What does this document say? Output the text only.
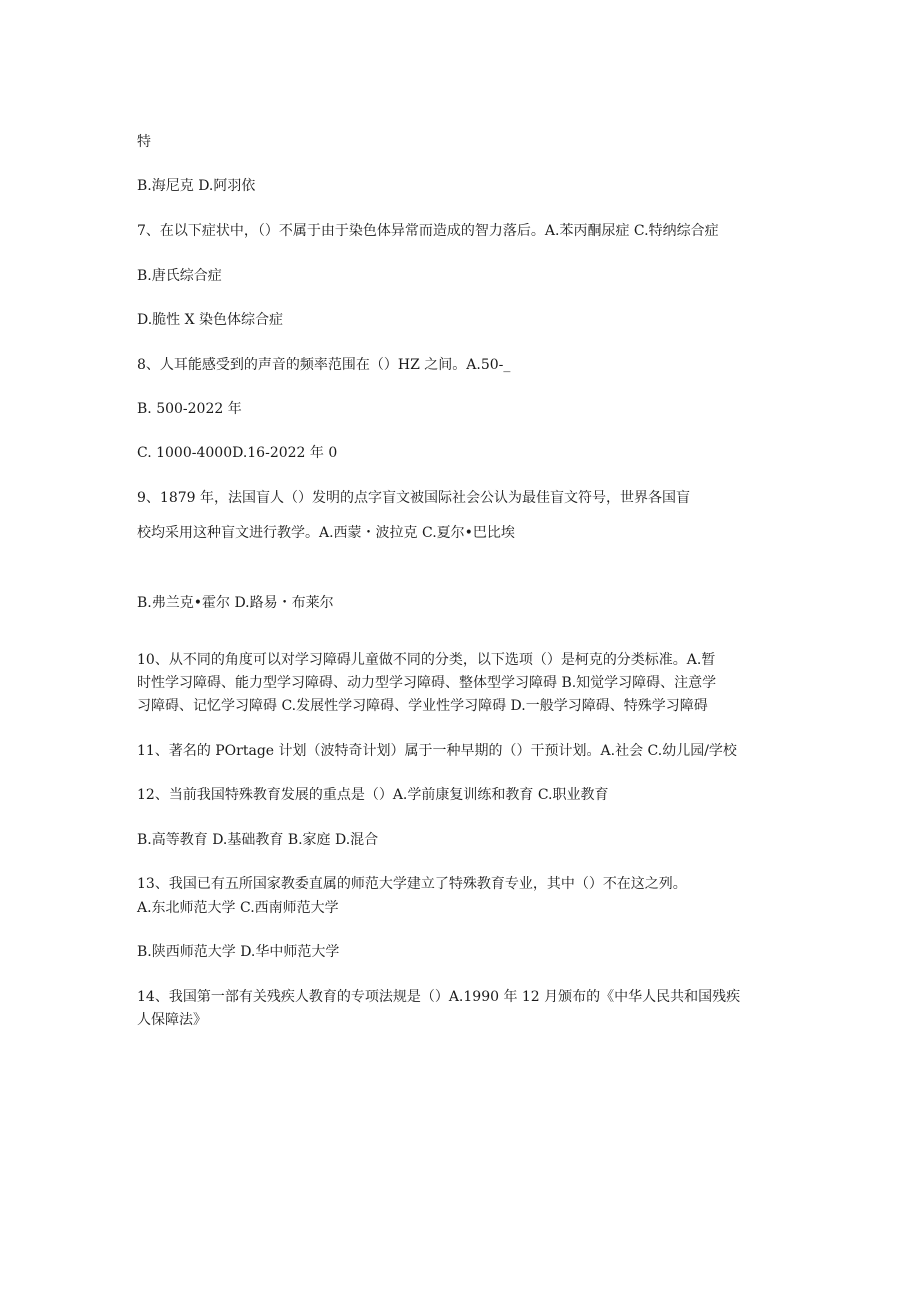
特
B.海尼克 D.阿羽依
7、在以下症状中，（）不属于由于染色体异常而造成的智力落后。A.苯丙酮尿症 C.特纳综合症
B.唐氏综合症
D.脆性 X 染色体综合症
8、人耳能感受到的声音的频率范围在（）HZ 之间。A.50-_
B. 500-2022 年
C. 1000-4000D.16-2022 年 0
9、1879 年，法国盲人（）发明的点字盲文被国际社会公认为最佳盲文符号，世界各国盲
校均采用这种盲文进行教学。A.西蒙・波拉克 C.夏尔•巴比埃
B.弗兰克•霍尔 D.路易・布莱尔
10、从不同的角度可以对学习障碍儿童做不同的分类，以下选项（）是柯克的分类标准。A.暂
时性学习障碍、能力型学习障碍、动力型学习障碍、整体型学习障碍 B.知觉学习障碍、注意学
习障碍、记忆学习障碍 C.发展性学习障碍、学业性学习障碍 D.一般学习障碍、特殊学习障碍
11、著名的 POrtage 计划（波特奇计划）属于一种早期的（）干预计划。A.社会 C.幼儿园/学校
12、当前我国特殊教育发展的重点是（）A.学前康复训练和教育 C.职业教育
B.高等教育 D.基础教育 B.家庭 D.混合
13、我国已有五所国家教委直属的师范大学建立了特殊教育专业，其中（）不在这之列。
A.东北师范大学 C.西南师范大学
B.陕西师范大学 D.华中师范大学
14、我国第一部有关残疾人教育的专项法规是（）A.1990 年 12 月颁布的《中华人民共和国残疾
人保障法》
